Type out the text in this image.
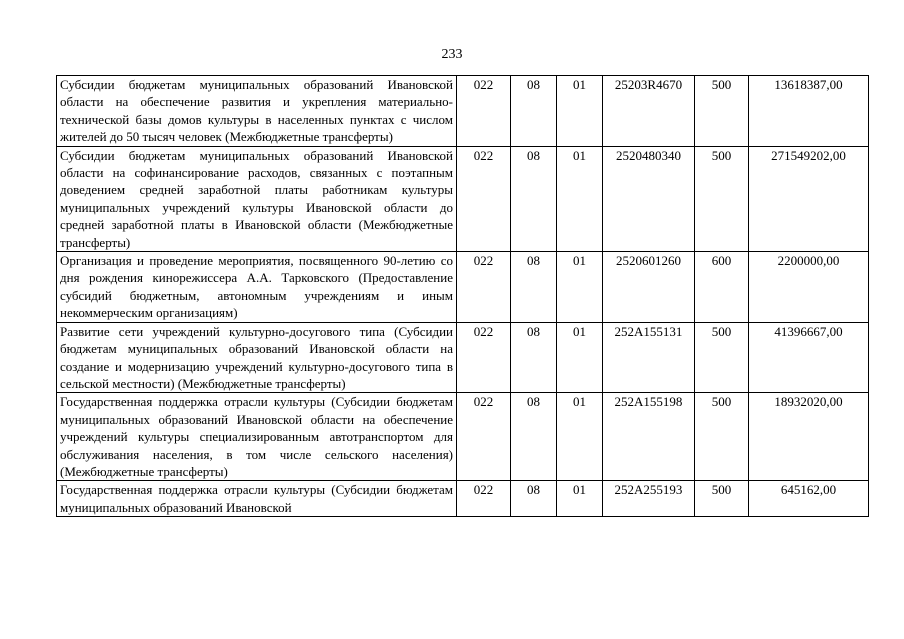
233
Субсидии бюджетам муниципальных образований Ивановской области на обеспечение развития и укрепления материально-технической базы домов культуры в населенных пунктах с числом жителей до 50 тысяч человек (Межбюджетные трансферты)	022	08	01	25203R4670	500	13618387,00
Субсидии бюджетам муниципальных образований Ивановской области на софинансирование расходов, связанных с поэтапным доведением средней заработной платы работникам культуры муниципальных учреждений культуры Ивановской области до средней заработной платы в Ивановской области (Межбюджетные трансферты)	022	08	01	2520480340	500	271549202,00
Организация и проведение мероприятия, посвященного 90-летию со дня рождения кинорежиссера А.А. Тарковского (Предоставление субсидий бюджетным, автономным учреждениям и иным некоммерческим организациям)	022	08	01	2520601260	600	2200000,00
Развитие сети учреждений культурно-досугового типа (Субсидии бюджетам муниципальных образований Ивановской области на создание и модернизацию учреждений культурно-досугового типа в сельской местности) (Межбюджетные трансферты)	022	08	01	252A155131	500	41396667,00
Государственная поддержка отрасли культуры (Субсидии бюджетам муниципальных образований Ивановской области на обеспечение учреждений культуры специализированным автотранспортом для обслуживания населения, в том числе сельского населения) (Межбюджетные трансферты)	022	08	01	252A155198	500	18932020,00
Государственная поддержка отрасли культуры (Субсидии бюджетам муниципальных образований Ивановской	022	08	01	252A255193	500	645162,00
